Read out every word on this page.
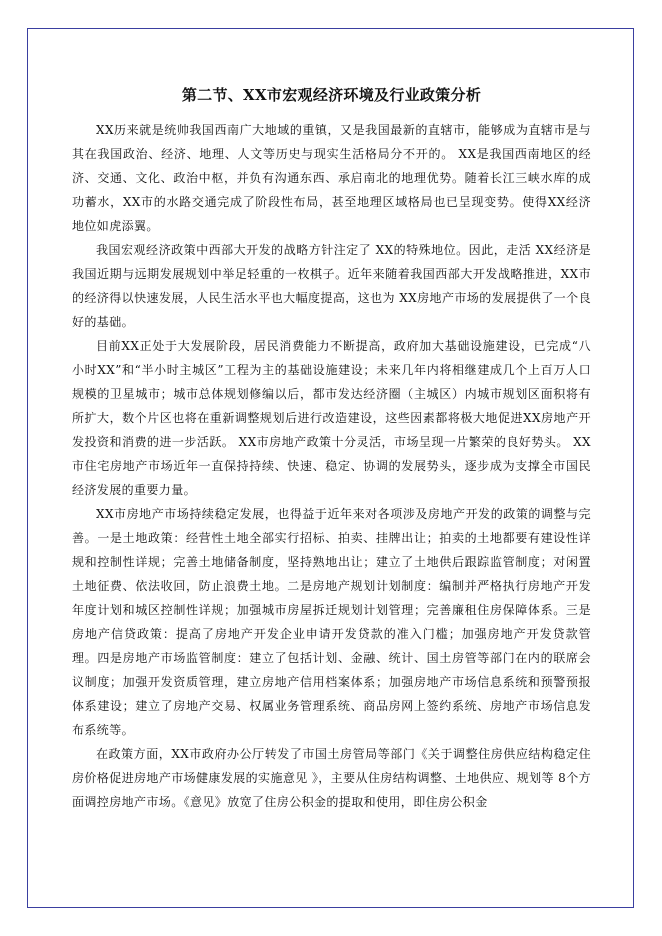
第二节、XX市宏观经济环境及行业政策分析

XX历来就是统帅我国西南广大地域的重镇，又是我国最新的直辖市，能够成为直辖市是与其在我国政治、经济、地理、人文等历史与现实生活格局分不开的。 XX是我国西南地区的经济、交通、文化、政治中枢，并负有沟通东西、承启南北的地理优势。随着长江三峡水库的成功蓄水，XX市的水路交通完成了阶段性布局，甚至地理区域格局也已呈现变势。使得XX经济地位如虎添翼。

我国宏观经济政策中西部大开发的战略方针注定了 XX的特殊地位。因此，走活 XX经济是我国近期与远期发展规划中举足轻重的一枚棋子。近年来随着我国西部大开发战略推进，XX市的经济得以快速发展，人民生活水平也大幅度提高，这也为 XX房地产市场的发展提供了一个良好的基础。

目前XX正处于大发展阶段，居民消费能力不断提高，政府加大基础设施建设，已完成“八小时XX”和“半小时主城区”工程为主的基础设施建设；未来几年内将相继建成几个上百万人口规模的卫星城市；城市总体规划修编以后，都市发达经济圈（主城区）内城市规划区面积将有所扩大，数个片区也将在重新调整规划后进行改造建设，这些因素都将极大地促进XX房地产开发投资和消费的进一步活跃。 XX市房地产政策十分灵活，市场呈现一片繁荣的良好势头。 XX市住宅房地产市场近年一直保持持续、快速、稳定、协调的发展势头，逐步成为支撑全市国民经济发展的重要力量。

XX市房地产市场持续稳定发展，也得益于近年来对各项涉及房地产开发的政策的调整与完善。一是土地政策：经营性土地全部实行招标、拍卖、挂牌出让；拍卖的土地都要有建设性详规和控制性详规；完善土地储备制度，坚持熟地出让；建立了土地供后跟踪监管制度；对闲置土地征费、依法收回，防止浪费土地。二是房地产规划计划制度：编制并严格执行房地产开发年度计划和城区控制性详规；加强城市房屋拆迁规划计划管理；完善廉租住房保障体系。三是房地产信贷政策：提高了房地产开发企业申请开发贷款的准入门槛；加强房地产开发贷款管理。四是房地产市场监管制度：建立了包括计划、金融、统计、国土房管等部门在内的联席会议制度；加强开发资质管理，建立房地产信用档案体系；加强房地产市场信息系统和预警预报体系建设；建立了房地产交易、权属业务管理系统、商品房网上签约系统、房地产市场信息发布系统等。

在政策方面，XX市政府办公厅转发了市国土房管局等部门《关于调整住房供应结构稳定住房价格促进房地产市场健康发展的实施意见 》，主要从住房结构调整、土地供应、规划等 8个方面调控房地产市场。《意见》放宽了住房公积金的提取和使用，即住房公积金
